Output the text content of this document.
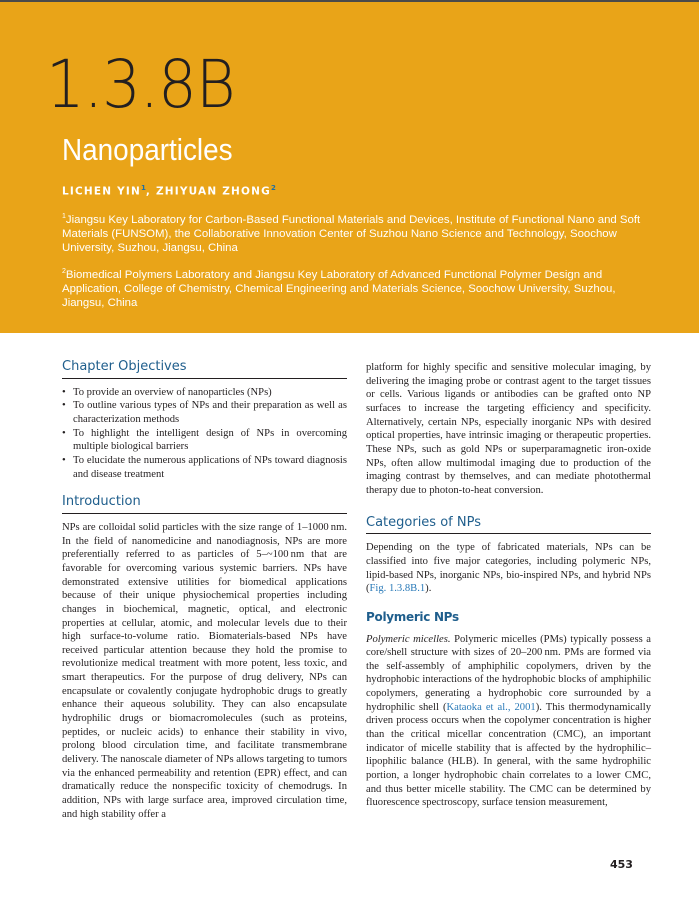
1.3.8B
Nanoparticles
LICHEN YIN$^1$, ZHIYUAN ZHONG$^2$
$^1$Jiangsu Key Laboratory for Carbon-Based Functional Materials and Devices, Institute of Functional Nano and Soft Materials (FUNSOM), the Collaborative Innovation Center of Suzhou Nano Science and Technology, Soochow University, Suzhou, Jiangsu, China
$^2$Biomedical Polymers Laboratory and Jiangsu Key Laboratory of Advanced Functional Polymer Design and Application, College of Chemistry, Chemical Engineering and Materials Science, Soochow University, Suzhou, Jiangsu, China
Chapter Objectives
• To provide an overview of nanoparticles (NPs)
• To outline various types of NPs and their preparation as well as characterization methods
• To highlight the intelligent design of NPs in overcoming multiple biological barriers
• To elucidate the numerous applications of NPs toward diagnosis and disease treatment
Introduction

NPs are colloidal solid particles with the size range of 1–1000 nm. In the field of nanomedicine and nanodiagnosis, NPs are more preferentially referred to as particles of 5–~100 nm that are favorable for overcoming various systemic barriers. NPs have demonstrated extensive utilities for biomedical applications because of their unique physiochemical properties including changes in biochemical, magnetic, optical, and electronic properties at cellular, atomic, and molecular levels due to their high surface-to-volume ratio. Biomaterials-based NPs have received particular attention because they hold the promise to revolutionize medical treatment with more potent, less toxic, and smart therapeutics. For the purpose of drug delivery, NPs can encapsulate or covalently conjugate hydrophobic drugs to greatly enhance their aqueous solubility. They can also encapsulate hydrophilic drugs or biomacromolecules (such as proteins, peptides, or nucleic acids) to enhance their stability in vivo, prolong blood circulation time, and facilitate transmembrane delivery. The nanoscale diameter of NPs allows targeting to tumors via the enhanced permeability and retention (EPR) effect, and can dramatically reduce the nonspecific toxicity of chemodrugs. In addition, NPs with large surface area, improved circulation time, and high stability offer a

platform for highly specific and sensitive molecular imaging, by delivering the imaging probe or contrast agent to the target tissues or cells. Various ligands or antibodies can be grafted onto NP surfaces to increase the targeting efficiency and specificity. Alternatively, certain NPs, especially inorganic NPs with desired optical properties, have intrinsic imaging or therapeutic properties. These NPs, such as gold NPs or superparamagnetic iron-oxide NPs, often allow multimodal imaging due to production of the imaging contrast by themselves, and can mediate photothermal therapy due to photon-to-heat conversion.

Categories of NPs

Depending on the type of fabricated materials, NPs can be classified into five major categories, including polymeric NPs, lipid-based NPs, inorganic NPs, bio-inspired NPs, and hybrid NPs (Fig. 1.3.8B.1).

Polymeric NPs

Polymeric micelles. Polymeric micelles (PMs) typically possess a core/shell structure with sizes of 20–200 nm. PMs are formed via the self-assembly of amphiphilic copolymers, driven by the hydrophobic interactions of the hydrophobic blocks of amphiphilic copolymers, generating a hydrophobic core surrounded by a hydrophilic shell (Kataoka et al., 2001). This thermodynamically driven process occurs when the copolymer concentration is higher than the critical micellar concentration (CMC), an important indicator of micelle stability that is affected by the hydrophilic–lipophilic balance (HLB). In general, with the same hydrophilic portion, a longer hydrophobic chain correlates to a lower CMC, and thus better micelle stability. The CMC can be determined by fluorescence spectroscopy, surface tension measurement,

453
